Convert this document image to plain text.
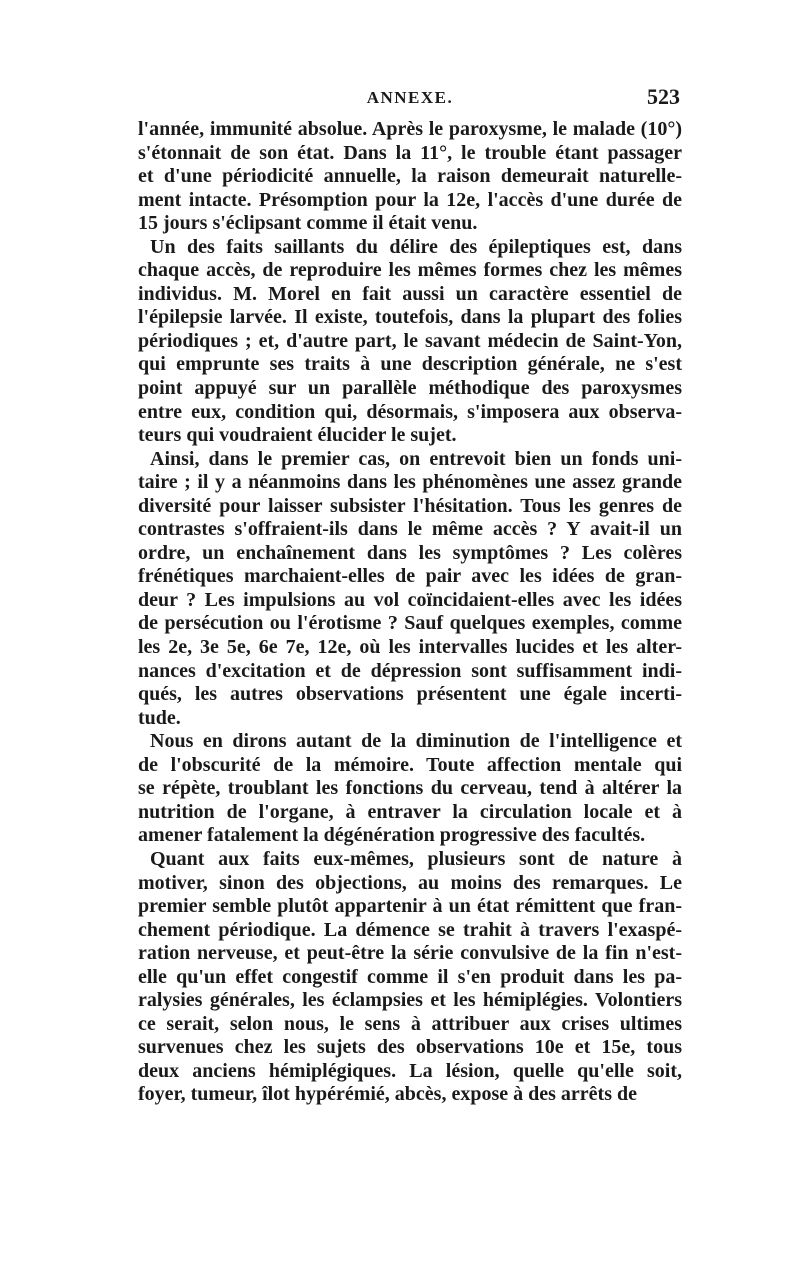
ANNEXE.	523
l'année, immunité absolue. Après le paroxysme, le malade (10°)
s'étonnait de son état. Dans la 11°, le trouble étant passager
et d'une périodicité annuelle, la raison demeurait naturelle-
ment intacte. Présomption pour la 12e, l'accès d'une durée de
15 jours s'éclipsant comme il était venu.
Un des faits saillants du délire des épileptiques est, dans
chaque accès, de reproduire les mêmes formes chez les mêmes
individus. M. Morel en fait aussi un caractère essentiel de
l'épilepsie larvée. Il existe, toutefois, dans la plupart des folies
périodiques ; et, d'autre part, le savant médecin de Saint-Yon,
qui emprunte ses traits à une description générale, ne s'est
point appuyé sur un parallèle méthodique des paroxysmes
entre eux, condition qui, désormais, s'imposera aux observa-
teurs qui voudraient élucider le sujet.
Ainsi, dans le premier cas, on entrevoit bien un fonds uni-
taire ; il y a néanmoins dans les phénomènes une assez grande
diversité pour laisser subsister l'hésitation. Tous les genres de
contrastes s'offraient-ils dans le même accès ? Y avait-il un
ordre, un enchaînement dans les symptômes ? Les colères
frénétiques marchaient-elles de pair avec les idées de gran-
deur ? Les impulsions au vol coïncidaient-elles avec les idées
de persécution ou l'érotisme ? Sauf quelques exemples, comme
les 2e, 3e 5e, 6e 7e, 12e, où les intervalles lucides et les alter-
nances d'excitation et de dépression sont suffisamment indi-
qués, les autres observations présentent une égale incerti-
tude.
Nous en dirons autant de la diminution de l'intelligence et
de l'obscurité de la mémoire. Toute affection mentale qui
se répète, troublant les fonctions du cerveau, tend à altérer la
nutrition de l'organe, à entraver la circulation locale et à
amener fatalement la dégénération progressive des facultés.
Quant aux faits eux-mêmes, plusieurs sont de nature à
motiver, sinon des objections, au moins des remarques. Le
premier semble plutôt appartenir à un état rémittent que fran-
chement périodique. La démence se trahit à travers l'exaspé-
ration nerveuse, et peut-être la série convulsive de la fin n'est-
elle qu'un effet congestif comme il s'en produit dans les pa-
ralysies générales, les éclampsies et les hémiplégies. Volontiers
ce serait, selon nous, le sens à attribuer aux crises ultimes
survenues chez les sujets des observations 10e et 15e, tous
deux anciens hémiplégiques. La lésion, quelle qu'elle soit,
foyer, tumeur, îlot hypérémié, abcès, expose à des arrêts de
